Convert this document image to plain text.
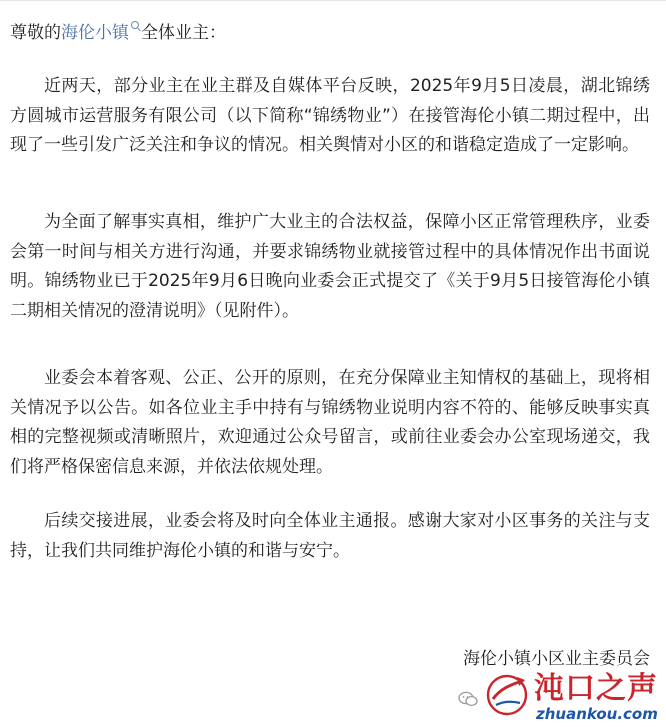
尊敬的海伦小镇 全体业主：

近两天，部分业主在业主群及自媒体平台反映，2025年9月5日凌晨，湖北锦绣方圆城市运营服务有限公司（以下简称“锦绣物业”）在接管海伦小镇二期过程中，出现了一些引发广泛关注和争议的情况。相关舆情对小区的和谐稳定造成了一定影响。

为全面了解事实真相，维护广大业主的合法权益，保障小区正常管理秩序，业委会第一时间与相关方进行沟通，并要求锦绣物业就接管过程中的具体情况作出书面说明。锦绣物业已于2025年9月6日晚向业委会正式提交了《关于9月5日接管海伦小镇二期相关情况的澄清说明》（见附件）。

业委会本着客观、公正、公开的原则，在充分保障业主知情权的基础上，现将相关情况予以公告。如各位业主手中持有与锦绣物业说明内容不符的、能够反映事实真相的完整视频或清晰照片，欢迎通过公众号留言，或前往业委会办公室现场递交，我们将严格保密信息来源，并依法依规处理。

后续交接进展，业委会将及时向全体业主通报。感谢大家对小区事务的关注与支持，让我们共同维护海伦小镇的和谐与安宁。

海伦小镇小区业主委员会
沌口之声
zhuankou.com
